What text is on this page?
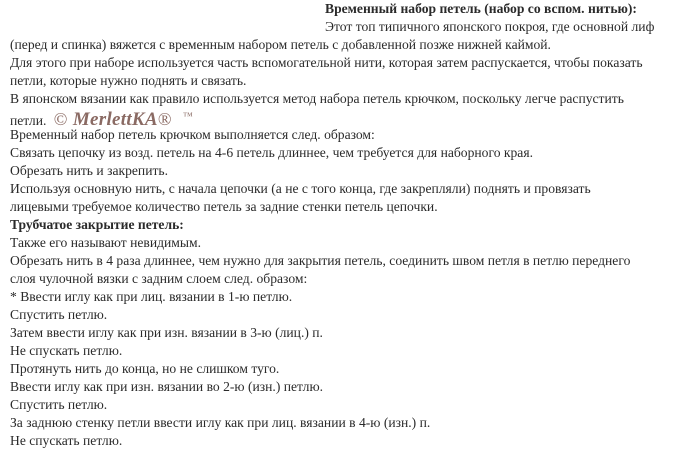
Временный набор петель (набор со вспом. нитью):
Этот топ типичного японского покроя, где основной лиф
(перед и спинка) вяжется с временным набором петель с добавленной позже нижней каймой.
Для этого при наборе используется часть вспомогательной нити, которая затем распускается, чтобы показать
петли, которые нужно поднять и связать.
В японском вязании как правило используется метод набора петель крючком, поскольку легче распустить
петли. © MerlettKA® ™
Временный набор петель крючком выполняется след. образом:
Связать цепочку из возд. петель на 4-6 петель длиннее, чем требуется для наборного края.
Обрезать нить и закрепить.
Используя основную нить, с начала цепочки (а не с того конца, где закрепляли) поднять и провязать
лицевыми требуемое количество петель за задние стенки петель цепочки.
Трубчатое закрытие петель:
Также его называют невидимым.
Обрезать нить в 4 раза длиннее, чем нужно для закрытия петель, соединить швом петля в петлю переднего
слоя чулочной вязки с задним слоем след. образом:
* Ввести иглу как при лиц. вязании в 1-ю петлю.
Спустить петлю.
Затем ввести иглу как при изн. вязании в 3-ю (лиц.) п.
Не спускать петлю.
Протянуть нить до конца, но не слишком туго.
Ввести иглу как при изн. вязании во 2-ю (изн.) петлю.
Спустить петлю.
За заднюю стенку петли ввести иглу как при лиц. вязании в 4-ю (изн.) п.
Не спускать петлю.
